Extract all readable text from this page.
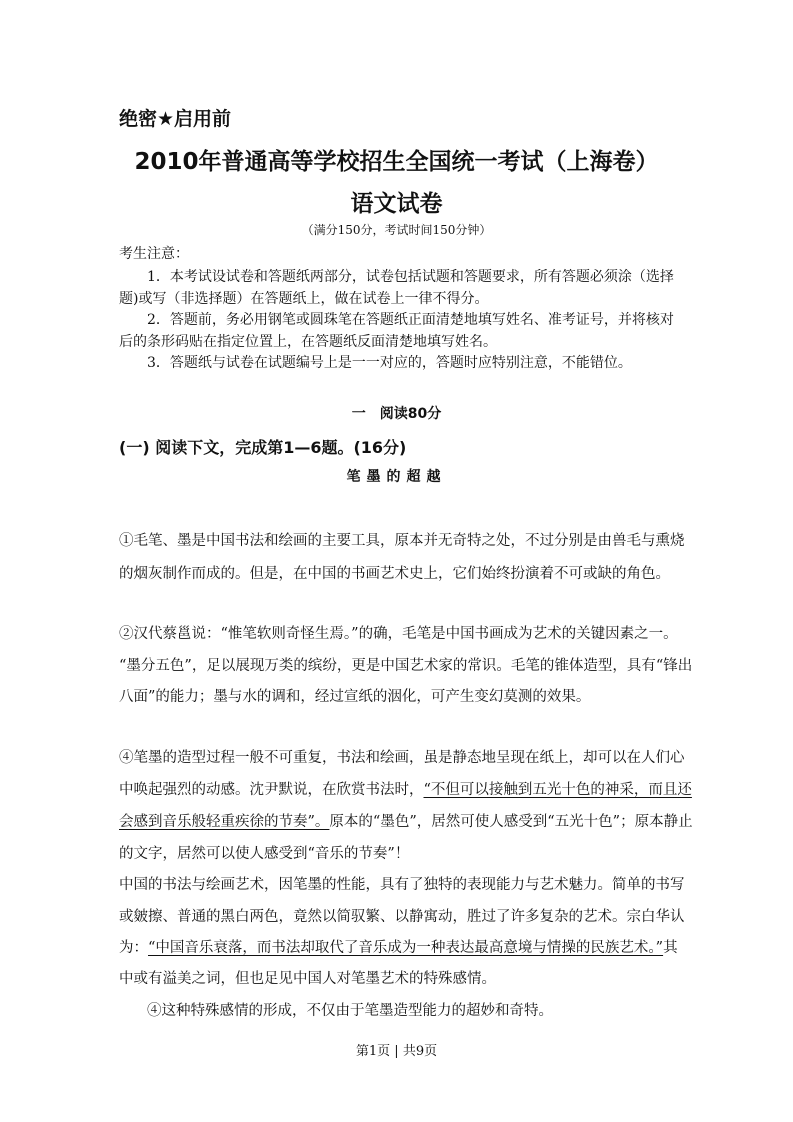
绝密★启用前
2010年普通高等学校招生全国统一考试（上海卷）
语文试卷
（满分150分，考试时间150分钟）
考生注意：
1．本考试设试卷和答题纸两部分，试卷包括试题和答题要求，所有答题必须涂（选择
题)或写（非选择题）在答题纸上，做在试卷上一律不得分。
2．答题前，务必用钢笔或圆珠笔在答题纸正面清楚地填写姓名、准考证号，并将核对
后的条形码贴在指定位置上，在答题纸反面清楚地填写姓名。
3．答题纸与试卷在试题编号上是一一对应的，答题时应特别注意，不能错位。
一　阅读80分
(一) 阅读下文，完成第1—6题。(16分)
笔墨的超越
①毛笔、墨是中国书法和绘画的主要工具，原本并无奇特之处，不过分别是由兽毛与熏烧
的烟灰制作而成的。但是，在中国的书画艺术史上，它们始终扮演着不可或缺的角色。
②汉代蔡邕说：“惟笔软则奇怪生焉。”的确，毛笔是中国书画成为艺术的关键因素之一。
“墨分五色”，足以展现万类的缤纷，更是中国艺术家的常识。毛笔的锥体造型，具有“锋出
八面”的能力；墨与水的调和，经过宣纸的洇化，可产生变幻莫测的效果。
④笔墨的造型过程一般不可重复，书法和绘画，虽是静态地呈现在纸上，却可以在人们心
中唤起强烈的动感。沈尹默说，在欣赏书法时，“不但可以接触到五光十色的神采，而且还
会感到音乐般轻重疾徐的节奏”。原本的“墨色”，居然可使人感受到“五光十色”；原本静止
的文字，居然可以使人感受到“音乐的节奏”！
中国的书法与绘画艺术，因笔墨的性能，具有了独特的表现能力与艺术魅力。简单的书写
或皴擦、普通的黑白两色，竟然以简驭繁、以静寓动，胜过了许多复杂的艺术。宗白华认
为：“中国音乐衰落，而书法却取代了音乐成为一种表达最高意境与情操的民族艺术。”其
中或有溢美之词，但也足见中国人对笔墨艺术的特殊感情。
④这种特殊感情的形成，不仅由于笔墨造型能力的超妙和奇特。
第1页 | 共9页
